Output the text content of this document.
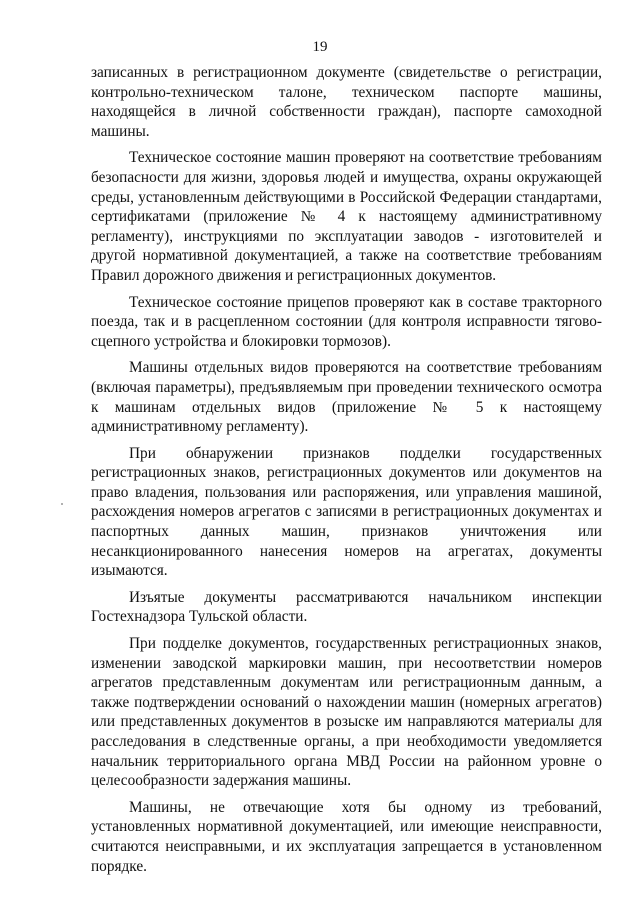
19

записанных в регистрационном документе (свидетельстве о регистрации, контрольно-техническом талоне, техническом паспорте машины, находящейся в личной собственности граждан), паспорте самоходной машины.

Техническое состояние машин проверяют на соответствие требованиям безопасности для жизни, здоровья людей и имущества, охраны окружающей среды, установленным действующими в Российской Федерации стандартами, сертификатами (приложение № 4 к настоящему административному регламенту), инструкциями по эксплуатации заводов - изготовителей и другой нормативной документацией, а также на соответствие требованиям Правил дорожного движения и регистрационных документов.

Техническое состояние прицепов проверяют как в составе тракторного поезда, так и в расцепленном состоянии (для контроля исправности тягово-сцепного устройства и блокировки тормозов).

Машины отдельных видов проверяются на соответствие требованиям (включая параметры), предъявляемым при проведении технического осмотра к машинам отдельных видов (приложение № 5 к настоящему административному регламенту).

При обнаружении признаков подделки государственных регистрационных знаков, регистрационных документов или документов на право владения, пользования или распоряжения, или управления машиной, расхождения номеров агрегатов с записями в регистрационных документах и паспортных данных машин, признаков уничтожения или несанкционированного нанесения номеров на агрегатах, документы изымаются.

Изъятые документы рассматриваются начальником инспекции Гостехнадзора Тульской области.

При подделке документов, государственных регистрационных знаков, изменении заводской маркировки машин, при несоответствии номеров агрегатов представленным документам или регистрационным данным, а также подтверждении оснований о нахождении машин (номерных агрегатов) или представленных документов в розыске им направляются материалы для расследования в следственные органы, а при необходимости уведомляется начальник территориального органа МВД России на районном уровне о целесообразности задержания машины.

Машины, не отвечающие хотя бы одному из требований, установленных нормативной документацией, или имеющие неисправности, считаются неисправными, и их эксплуатация запрещается в установленном порядке.
